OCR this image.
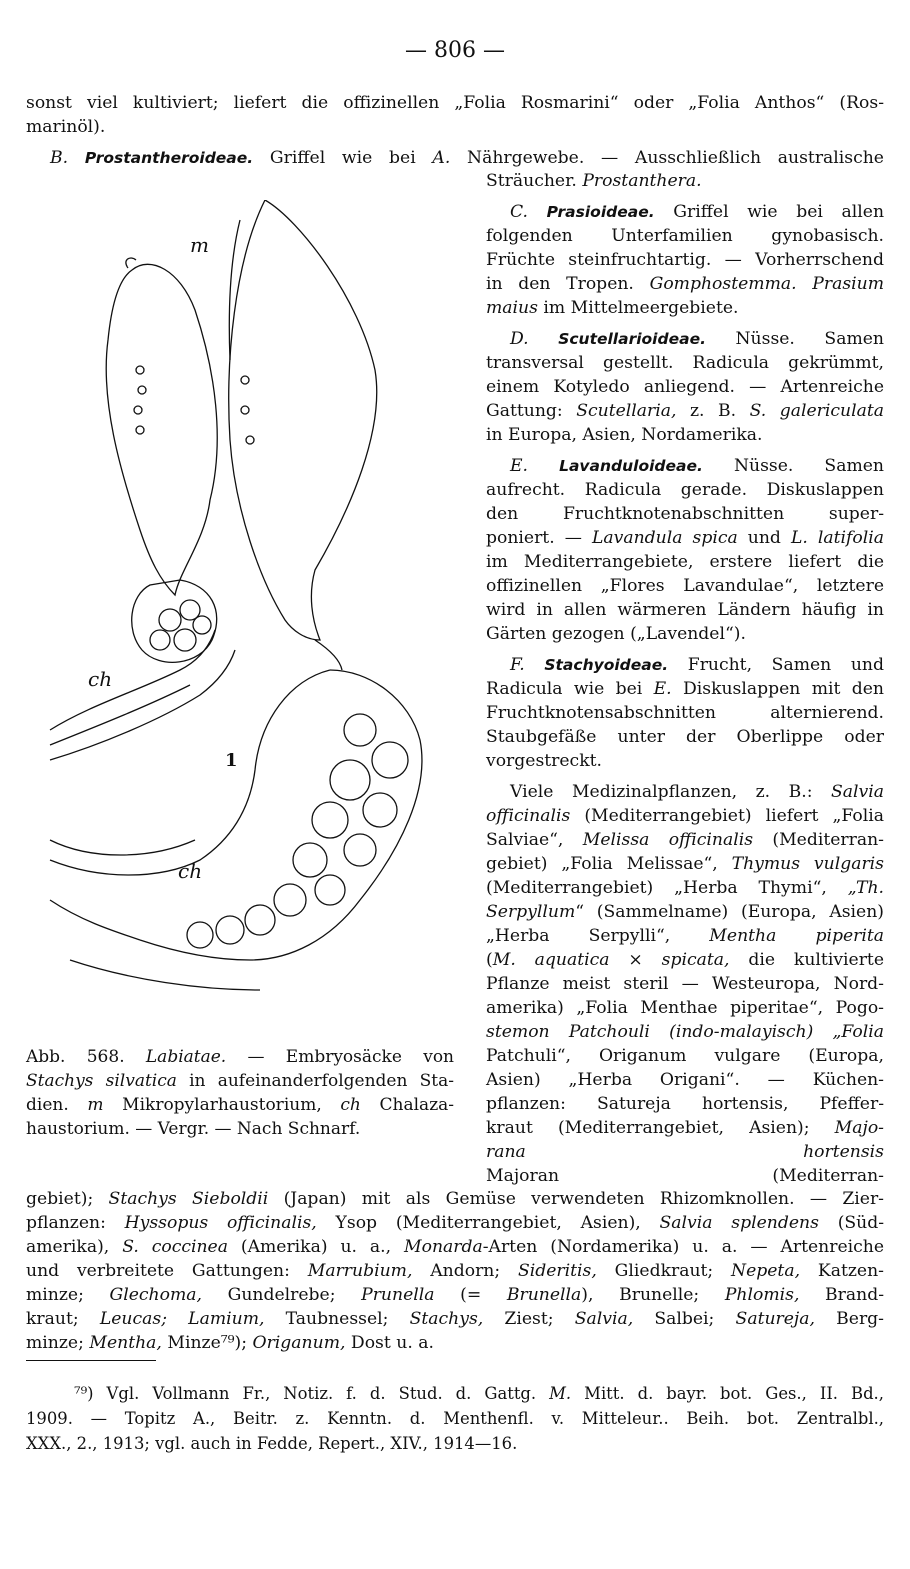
— 806 —
sonst viel kultiviert; liefert die offizinellen „Folia Rosmarini“ oder „Folia Anthos“ (Ros-
marinöl).
B. Prostantheroideae. Griffel wie bei A. Nährgewebe. — Ausschließlich australische
Sträucher. Prostanthera.
C. Prasioideae. Griffel wie bei allen
folgenden Unterfamilien gynobasisch.
Früchte steinfruchtartig. — Vorherrschend
in den Tropen. Gomphostemma. Prasium
maius im Mittelmeergebiete.
D. Scutellarioideae. Nüsse. Samen
transversal gestellt. Radicula gekrümmt,
einem Kotyledo anliegend. — Artenreiche
Gattung: Scutellaria, z. B. S. galericulata
in Europa, Asien, Nordamerika.
E. Lavanduloideae. Nüsse. Samen
aufrecht. Radicula gerade. Diskuslappen
den Fruchtknotenabschnitten super-
poniert. — Lavandula spica und L. latifolia
im Mediterrangebiete, erstere liefert die
offizinellen „Flores Lavandulae“, letztere
wird in allen wärmeren Ländern häufig in
Gärten gezogen („Lavendel“).
F. Stachyoideae. Frucht, Samen und
Radicula wie bei E. Diskuslappen mit den
Fruchtknotensabschnitten alternierend.
Staubgefäße unter der Oberlippe oder
vorgestreckt.
Viele Medizinalpflanzen, z. B.: Salvia
officinalis (Mediterrangebiet) liefert „Folia
Salviae“, Melissa officinalis (Mediterran-
gebiet) „Folia Melissae“, Thymus vulgaris
(Mediterrangebiet) „Herba Thymi“, „Th.
Serpyllum“ (Sammelname) (Europa, Asien)
„Herba Serpylli“, Mentha piperita
(M. aquatica × spicata, die kultivierte
Pflanze meist steril — Westeuropa, Nord-
amerika) „Folia Menthae piperitae“, Pogo-
stemon Patchouli (indo-malayisch) „Folia
Patchuli“, Origanum vulgare (Europa,
Asien) „Herba Origani“. — Küchen-
pflanzen: Satureja hortensis, Pfeffer-
kraut (Mediterrangebiet, Asien); Majo-
rana hortensis
Majoran (Mediterran-
gebiet); Stachys Sieboldii (Japan) mit als Gemüse verwendeten Rhizomknollen. — Zier-
pflanzen: Hyssopus officinalis, Ysop (Mediterrangebiet, Asien), Salvia splendens (Süd-
amerika), S. coccinea (Amerika) u. a., Monarda-Arten (Nordamerika) u. a. — Artenreiche
und verbreitete Gattungen: Marrubium, Andorn; Sideritis, Gliedkraut; Nepeta, Katzen-
minze; Glechoma, Gundelrebe; Prunella (= Brunella), Brunelle; Phlomis, Brand-
kraut; Leucas; Lamium, Taubnessel; Stachys, Ziest; Salvia, Salbei; Satureja, Berg-
minze; Mentha, Minze⁷⁹); Origanum, Dost u. a.
⁷⁹) Vgl. Vollmann Fr., Notiz. f. d. Stud. d. Gattg. M. Mitt. d. bayr. bot. Ges., II. Bd.,
1909. — Topitz A., Beitr. z. Kenntn. d. Menthenfl. v. Mitteleur.. Beih. bot. Zentralbl.,
XXX., 2., 1913; vgl. auch in Fedde, Repert., XIV., 1914—16.
Abb. 568. Labiatae. — Embryosäcke von
Stachys silvatica in aufeinanderfolgenden Sta-
dien. m Mikropylarhaustorium, ch Chalaza-
haustorium. — Vergr. — Nach Schnarf.
m
ch
ch
1
